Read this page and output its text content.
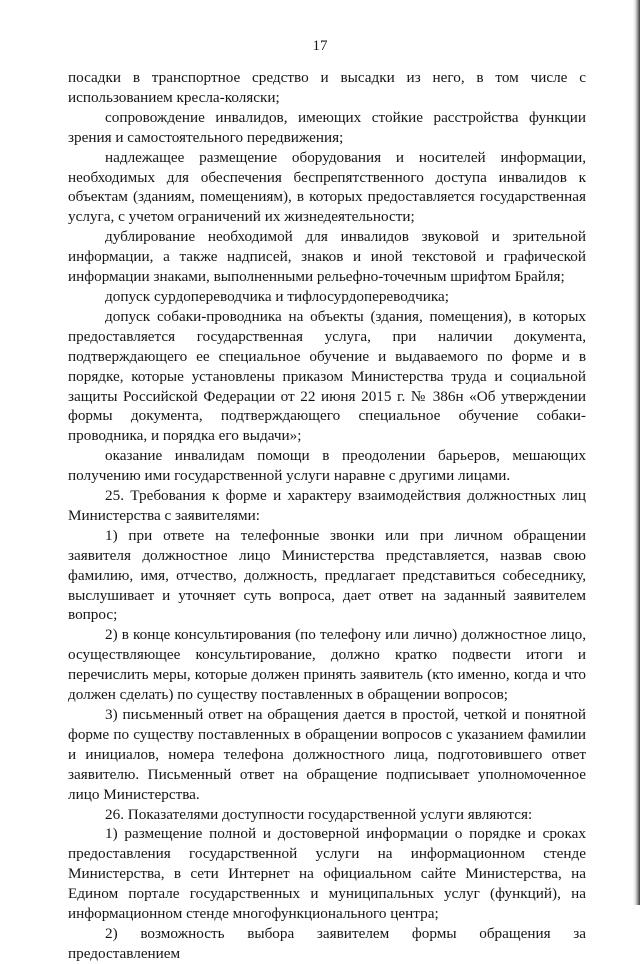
17

посадки в транспортное средство и высадки из него, в том числе с использованием кресла-коляски;

сопровождение инвалидов, имеющих стойкие расстройства функции зрения и самостоятельного передвижения;

надлежащее размещение оборудования и носителей информации, необходимых для обеспечения беспрепятственного доступа инвалидов к объектам (зданиям, помещениям), в которых предоставляется государственная услуга, с учетом ограничений их жизнедеятельности;

дублирование необходимой для инвалидов звуковой и зрительной информации, а также надписей, знаков и иной текстовой и графической информации знаками, выполненными рельефно-точечным шрифтом Брайля;

допуск сурдопереводчика и тифлосурдопереводчика;

допуск собаки-проводника на объекты (здания, помещения), в которых предоставляется государственная услуга, при наличии документа, подтверждающего ее специальное обучение и выдаваемого по форме и в порядке, которые установлены приказом Министерства труда и социальной защиты Российской Федерации от 22 июня 2015 г. № 386н «Об утверждении формы документа, подтверждающего специальное обучение собаки-проводника, и порядка его выдачи»;

оказание инвалидам помощи в преодолении барьеров, мешающих получению ими государственной услуги наравне с другими лицами.

25. Требования к форме и характеру взаимодействия должностных лиц Министерства с заявителями:

1) при ответе на телефонные звонки или при личном обращении заявителя должностное лицо Министерства представляется, назвав свою фамилию, имя, отчество, должность, предлагает представиться собеседнику, выслушивает и уточняет суть вопроса, дает ответ на заданный заявителем вопрос;

2) в конце консультирования (по телефону или лично) должностное лицо, осуществляющее консультирование, должно кратко подвести итоги и перечислить меры, которые должен принять заявитель (кто именно, когда и что должен сделать) по существу поставленных в обращении вопросов;

3) письменный ответ на обращения дается в простой, четкой и понятной форме по существу поставленных в обращении вопросов с указанием фамилии и инициалов, номера телефона должностного лица, подготовившего ответ заявителю. Письменный ответ на обращение подписывает уполномоченное лицо Министерства.

26. Показателями доступности государственной услуги являются:

1) размещение полной и достоверной информации о порядке и сроках предоставления государственной услуги на информационном стенде Министерства, в сети Интернет на официальном сайте Министерства, на Едином портале государственных и муниципальных услуг (функций), на информационном стенде многофункционального центра;

2) возможность выбора заявителем формы обращения за предоставлением
